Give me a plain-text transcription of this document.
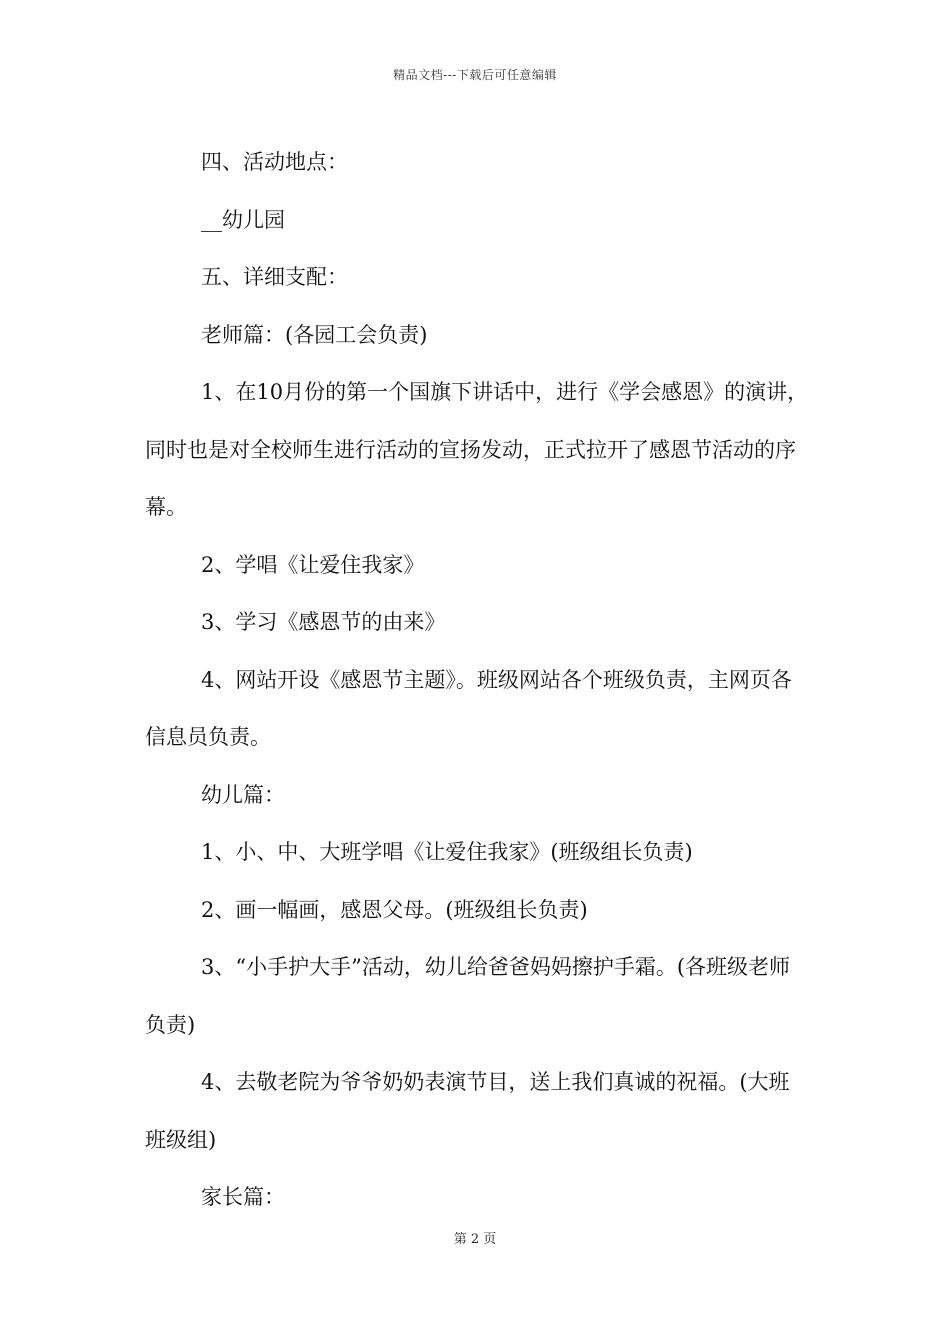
精品文档---下载后可任意编辑

四、活动地点：

__幼儿园

五、详细支配：

老师篇：(各园工会负责)

1、在10月份的第一个国旗下讲话中，进行《学会感恩》的演讲，同时也是对全校师生进行活动的宣扬发动，正式拉开了感恩节活动的序幕。

2、学唱《让爱住我家》

3、学习《感恩节的由来》

4、网站开设《感恩节主题》。班级网站各个班级负责，主网页各信息员负责。

幼儿篇：

1、小、中、大班学唱《让爱住我家》(班级组长负责)

2、画一幅画，感恩父母。(班级组长负责)

3、“小手护大手”活动，幼儿给爸爸妈妈擦护手霜。(各班级老师负责)

4、去敬老院为爷爷奶奶表演节目，送上我们真诚的祝福。(大班班级组)

家长篇：

第 2 页
